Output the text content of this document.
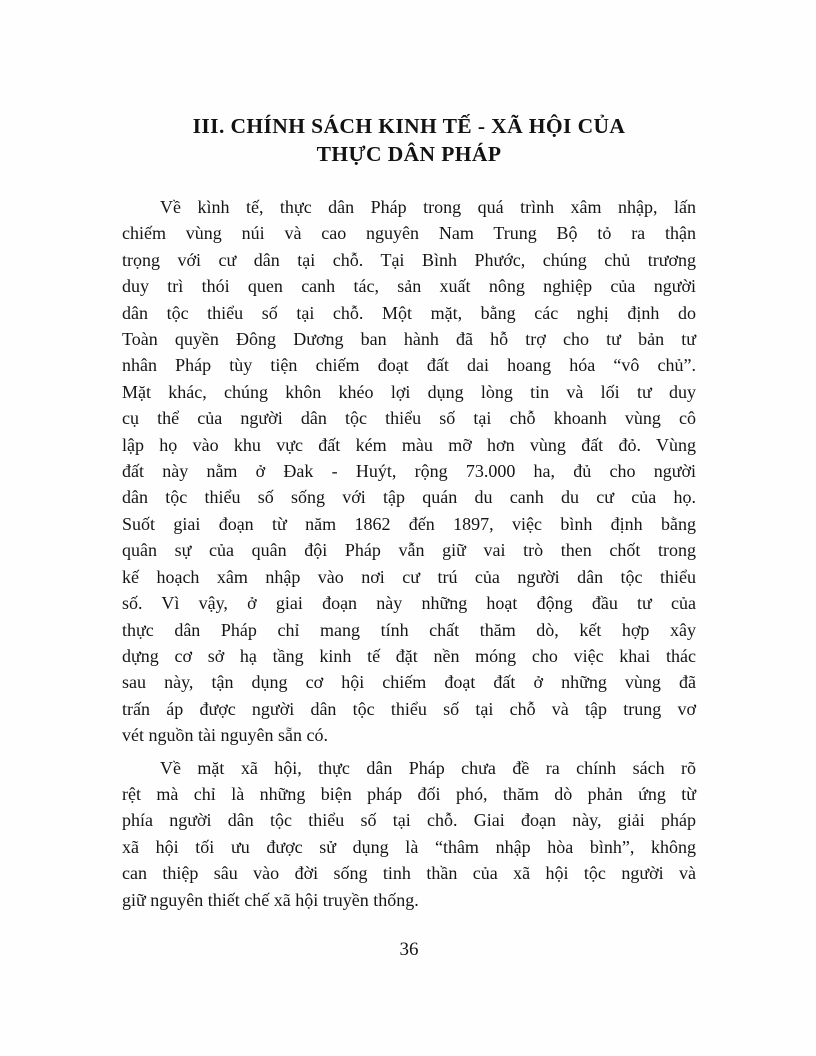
III. CHÍNH SÁCH KINH TẾ - XÃ HỘI CỦA
THỰC DÂN PHÁP
Về kình tế, thực dân Pháp trong quá trình xâm nhập, lấn
chiếm vùng núi và cao nguyên Nam Trung Bộ tỏ ra thận
trọng với cư dân tại chỗ. Tại Bình Phước, chúng chủ trương
duy trì thói quen canh tác, sản xuất nông nghiệp của người
dân tộc thiểu số tại chỗ. Một mặt, bằng các nghị định do
Toàn quyền Đông Dương ban hành đã hỗ trợ cho tư bản tư
nhân Pháp tùy tiện chiếm đoạt đất dai hoang hóa “vô chủ”.
Mặt khác, chúng khôn khéo lợi dụng lòng tin và lối tư duy
cụ thể của người dân tộc thiểu số tại chỗ khoanh vùng cô
lập họ vào khu vực đất kém màu mỡ hơn vùng đất đỏ. Vùng
đất này nằm ở Đak - Huýt, rộng 73.000 ha, đủ cho người
dân tộc thiểu số sống với tập quán du canh du cư của họ.
Suốt giai đoạn từ năm 1862 đến 1897, việc bình định bằng
quân sự của quân đội Pháp vẫn giữ vai trò then chốt trong
kế hoạch xâm nhập vào nơi cư trú của người dân tộc thiểu
số. Vì vậy, ở giai đoạn này những hoạt động đầu tư của
thực dân Pháp chỉ mang tính chất thăm dò, kết hợp xây
dựng cơ sở hạ tầng kinh tế đặt nền móng cho việc khai thác
sau này, tận dụng cơ hội chiếm đoạt đất ở những vùng đã
trấn áp được người dân tộc thiểu số tại chỗ và tập trung vơ
vét nguồn tài nguyên sẵn có.
Về mặt xã hội, thực dân Pháp chưa đề ra chính sách rõ
rệt mà chỉ là những biện pháp đối phó, thăm dò phản ứng từ
phía người dân tộc thiểu số tại chỗ. Giai đoạn này, giải pháp
xã hội tối ưu được sử dụng là “thâm nhập hòa bình”, không
can thiệp sâu vào đời sống tinh thần của xã hội tộc người và
giữ nguyên thiết chế xã hội truyền thống.
36
